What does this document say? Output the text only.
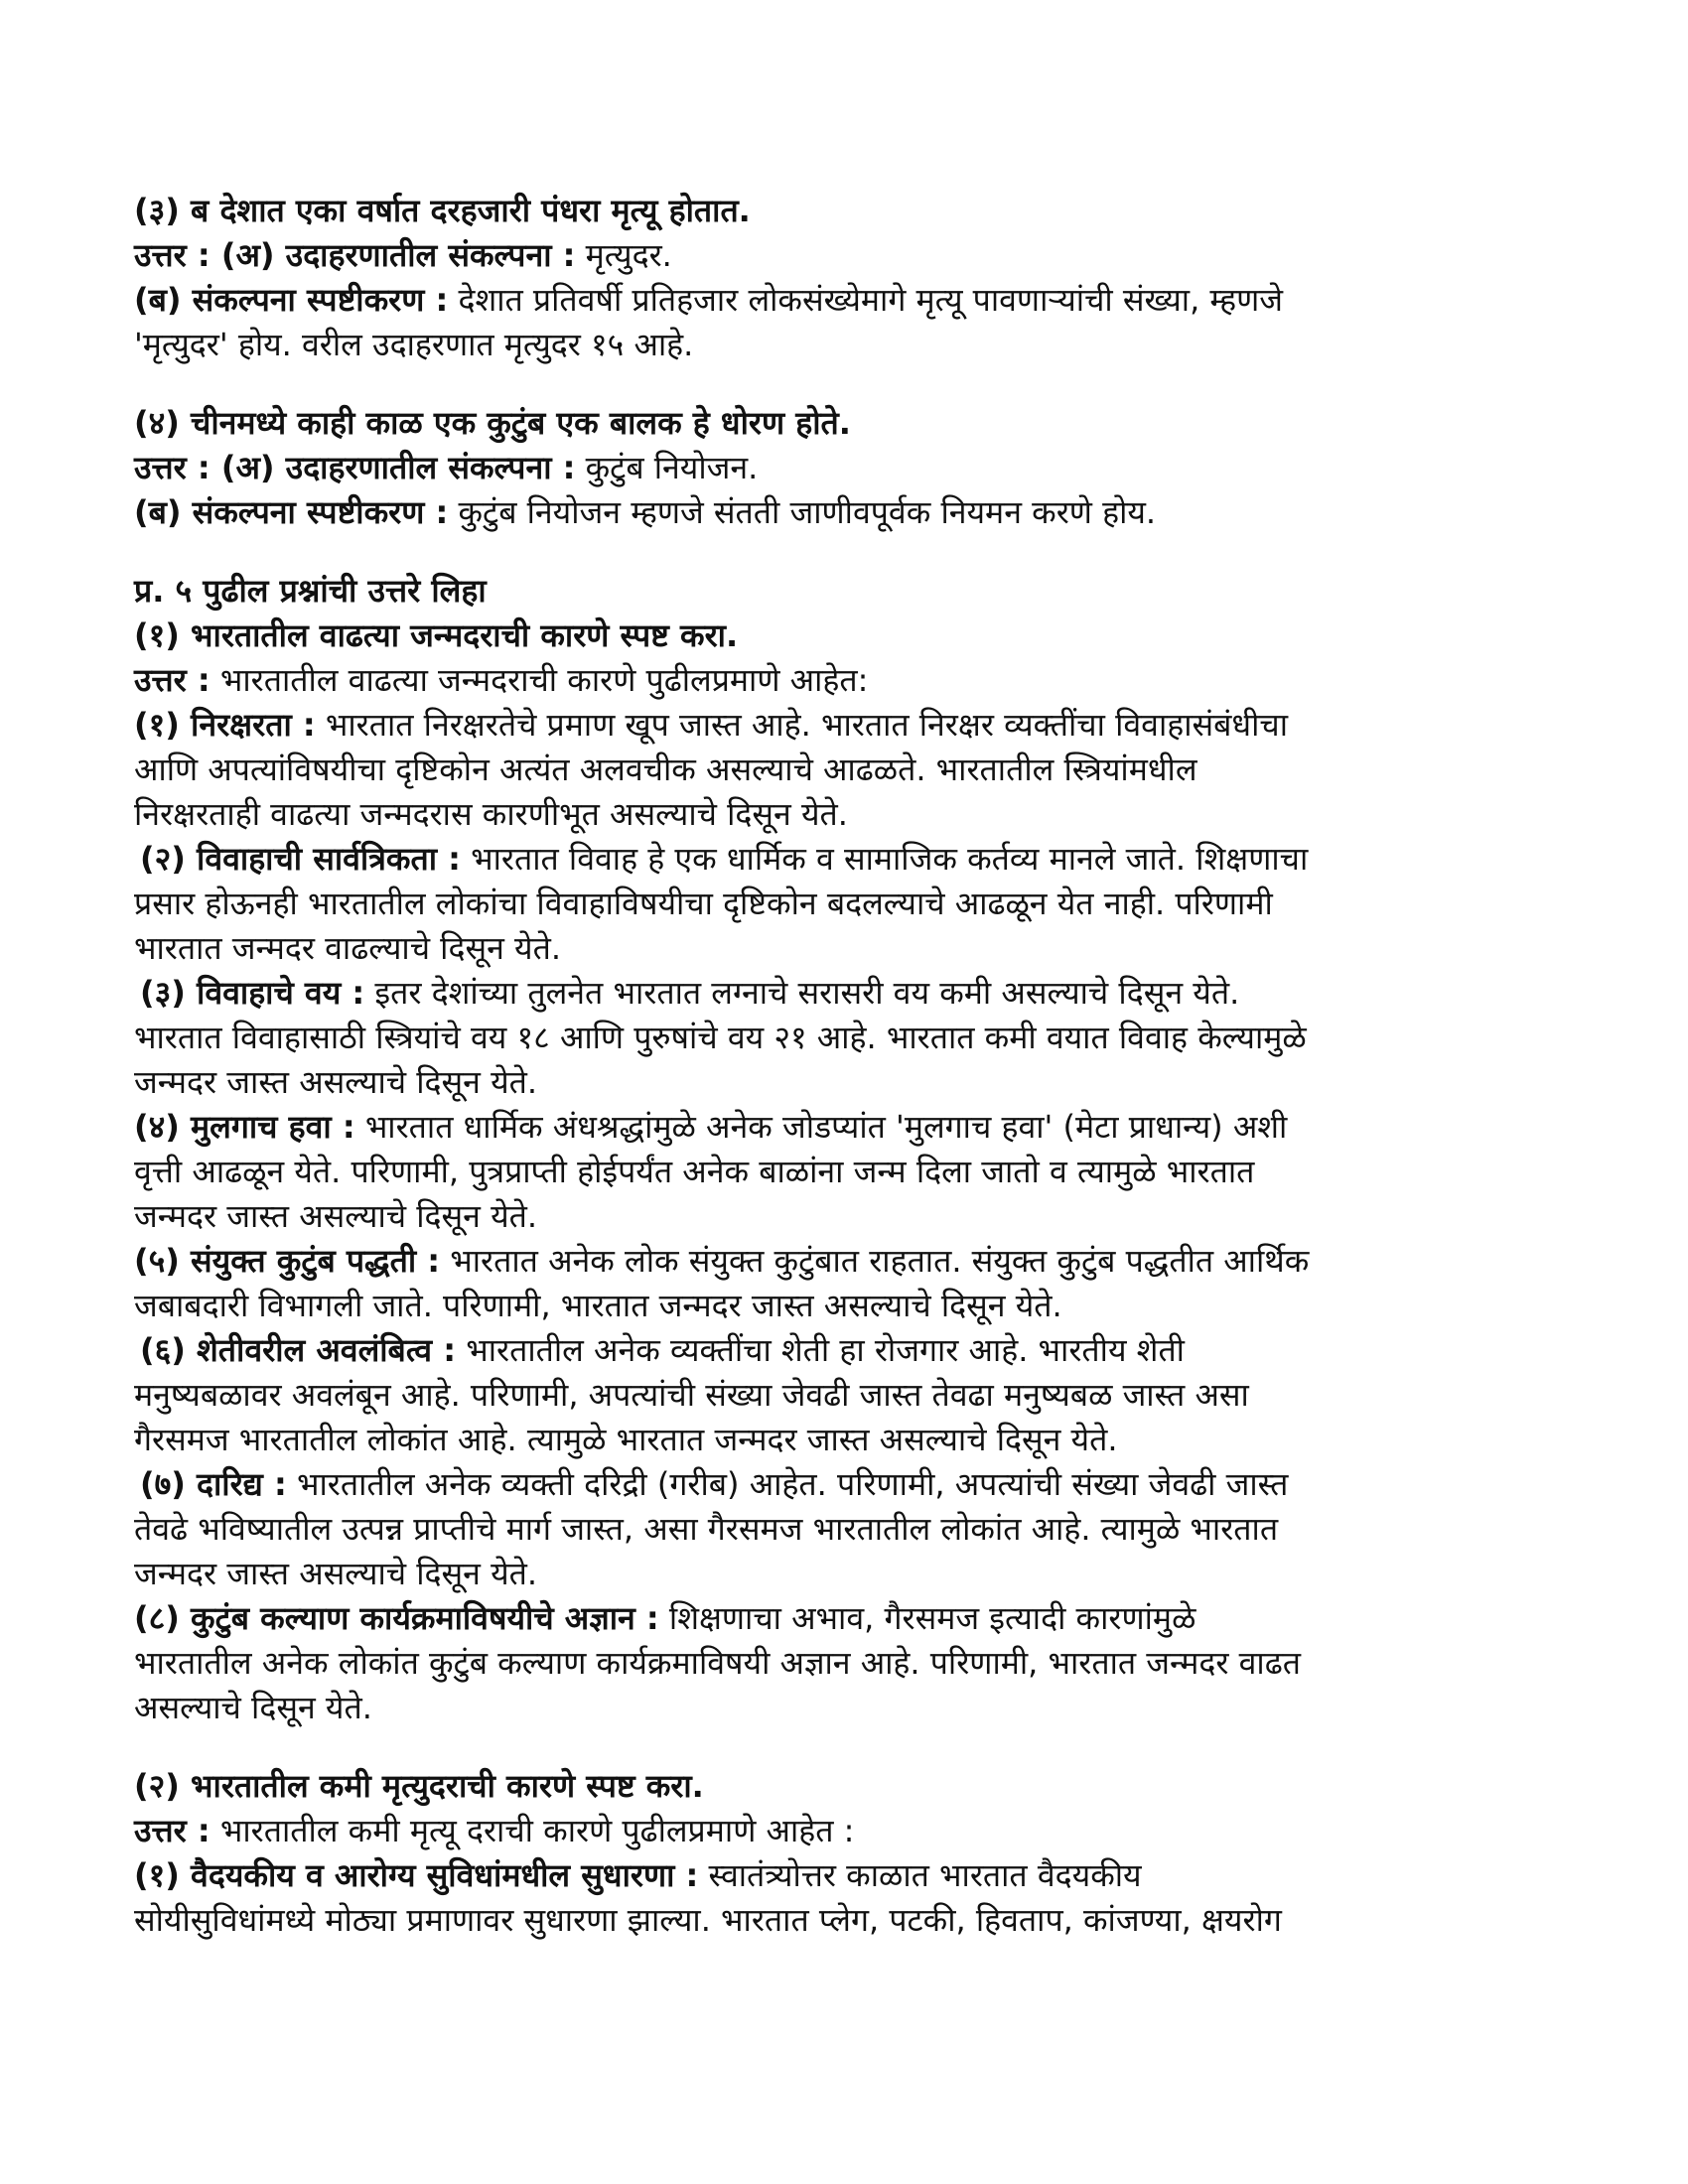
(३) ब देशात एका वर्षात दरहजारी पंधरा मृत्यू होतात.
उत्तर : (अ) उदाहरणातील संकल्पना : मृत्युदर.
(ब) संकल्पना स्पष्टीकरण : देशात प्रतिवर्षी प्रतिहजार लोकसंख्येमागे मृत्यू पावणाऱ्यांची संख्या, म्हणजे
'मृत्युदर' होय. वरील उदाहरणात मृत्युदर १५ आहे.
(४) चीनमध्ये काही काळ एक कुटुंब एक बालक हे धोरण होते.
उत्तर : (अ) उदाहरणातील संकल्पना : कुटुंब नियोजन.
(ब) संकल्पना स्पष्टीकरण : कुटुंब नियोजन म्हणजे संतती जाणीवपूर्वक नियमन करणे होय.
प्र. ५ पुढील प्रश्नांची उत्तरे लिहा
(१) भारतातील वाढत्या जन्मदराची कारणे स्पष्ट करा.
उत्तर : भारतातील वाढत्या जन्मदराची कारणे पुढीलप्रमाणे आहेत:
(१) निरक्षरता : भारतात निरक्षरतेचे प्रमाण खूप जास्त आहे. भारतात निरक्षर व्यक्तींचा विवाहासंबंधीचा
आणि अपत्यांविषयीचा दृष्टिकोन अत्यंत अलवचीक असल्याचे आढळते. भारतातील स्त्रियांमधील
निरक्षरताही वाढत्या जन्मदरास कारणीभूत असल्याचे दिसून येते.
(२) विवाहाची सार्वत्रिकता : भारतात विवाह हे एक धार्मिक व सामाजिक कर्तव्य मानले जाते. शिक्षणाचा
प्रसार होऊनही भारतातील लोकांचा विवाहाविषयीचा दृष्टिकोन बदलल्याचे आढळून येत नाही. परिणामी
भारतात जन्मदर वाढल्याचे दिसून येते.
(३) विवाहाचे वय : इतर देशांच्या तुलनेत भारतात लग्नाचे सरासरी वय कमी असल्याचे दिसून येते.
भारतात विवाहासाठी स्त्रियांचे वय १८ आणि पुरुषांचे वय २१ आहे. भारतात कमी वयात विवाह केल्यामुळे
जन्मदर जास्त असल्याचे दिसून येते.
(४) मुलगाच हवा : भारतात धार्मिक अंधश्रद्धांमुळे अनेक जोडप्यांत 'मुलगाच हवा' (मेटा प्राधान्य) अशी
वृत्ती आढळून येते. परिणामी, पुत्रप्राप्ती होईपर्यंत अनेक बाळांना जन्म दिला जातो व त्यामुळे भारतात
जन्मदर जास्त असल्याचे दिसून येते.
(५) संयुक्त कुटुंब पद्धती : भारतात अनेक लोक संयुक्त कुटुंबात राहतात. संयुक्त कुटुंब पद्धतीत आर्थिक
जबाबदारी विभागली जाते. परिणामी, भारतात जन्मदर जास्त असल्याचे दिसून येते.
(६) शेतीवरील अवलंबित्व : भारतातील अनेक व्यक्तींचा शेती हा रोजगार आहे. भारतीय शेती
मनुष्यबळावर अवलंबून आहे. परिणामी, अपत्यांची संख्या जेवढी जास्त तेवढा मनुष्यबळ जास्त असा
गैरसमज भारतातील लोकांत आहे. त्यामुळे भारतात जन्मदर जास्त असल्याचे दिसून येते.
(७) दारिद्य : भारतातील अनेक व्यक्ती दरिद्री (गरीब) आहेत. परिणामी, अपत्यांची संख्या जेवढी जास्त
तेवढे भविष्यातील उत्पन्न प्राप्तीचे मार्ग जास्त, असा गैरसमज भारतातील लोकांत आहे. त्यामुळे भारतात
जन्मदर जास्त असल्याचे दिसून येते.
(८) कुटुंब कल्याण कार्यक्रमाविषयीचे अज्ञान : शिक्षणाचा अभाव, गैरसमज इत्यादी कारणांमुळे
भारतातील अनेक लोकांत कुटुंब कल्याण कार्यक्रमाविषयी अज्ञान आहे. परिणामी, भारतात जन्मदर वाढत
असल्याचे दिसून येते.
(२) भारतातील कमी मृत्युदराची कारणे स्पष्ट करा.
उत्तर : भारतातील कमी मृत्यू दराची कारणे पुढीलप्रमाणे आहेत :
(१) वैदयकीय व आरोग्य सुविधांमधील सुधारणा : स्वातंत्र्योत्तर काळात भारतात वैदयकीय
सोयीसुविधांमध्ये मोठ्या प्रमाणावर सुधारणा झाल्या. भारतात प्लेग, पटकी, हिवताप, कांजण्या, क्षयरोग
